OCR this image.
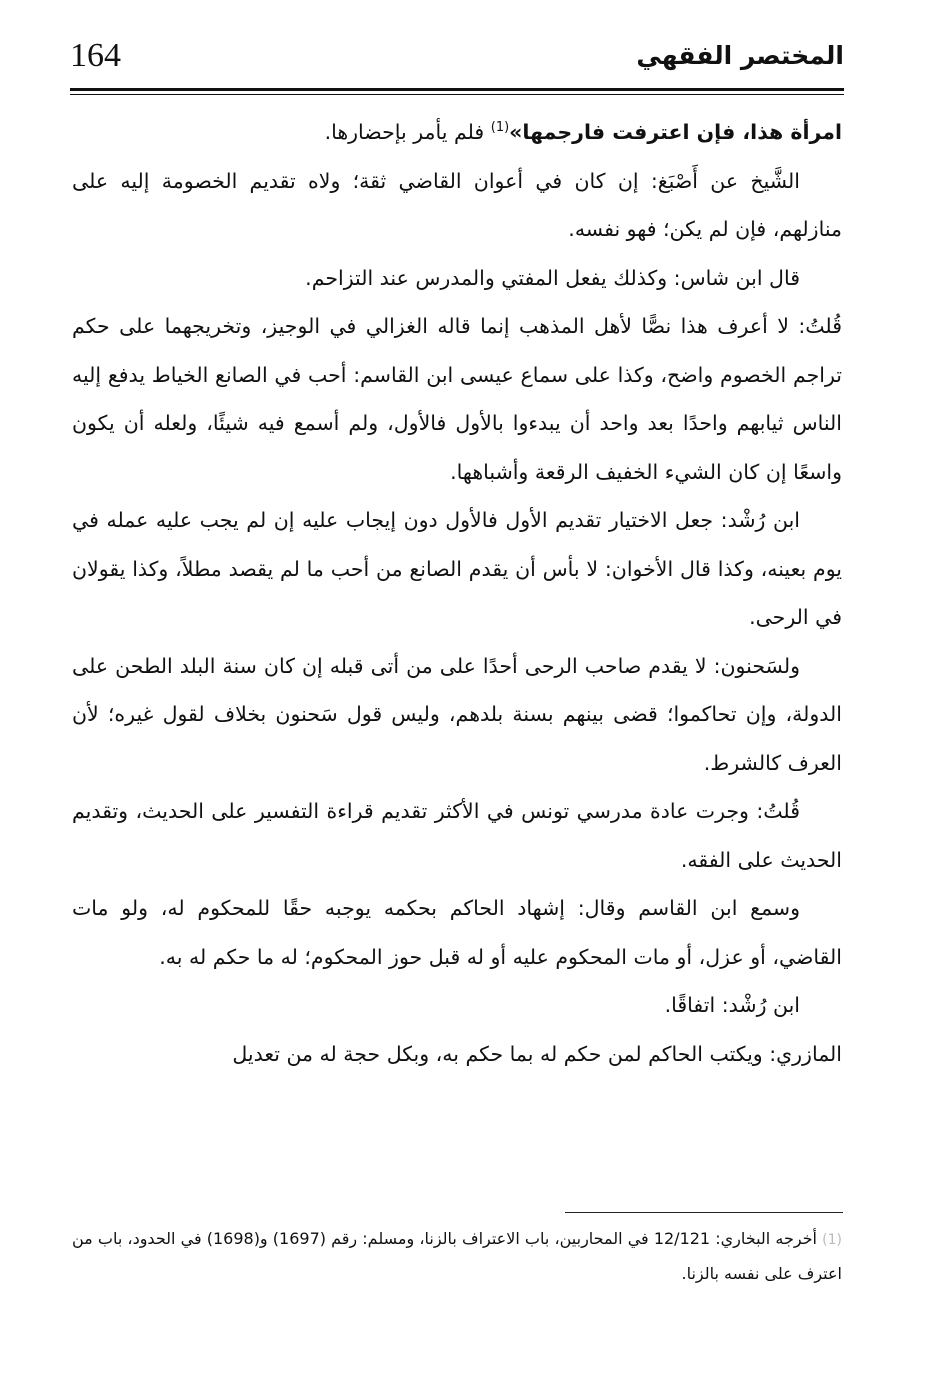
164	المختصر الفقهي

امرأة هذا، فإن اعترفت فارجمها»$^{(1)}$ فلم يأمر بإحضارها.

الشَّيخ عن أَصْبَغ: إن كان في أعوان القاضي ثقة؛ ولاه تقديم الخصومة إليه على منازلهم، فإن لم يكن؛ فهو نفسه.

قال ابن شاس: وكذلك يفعل المفتي والمدرس عند التزاحم.

قُلتُ: لا أعرف هذا نصًّا لأهل المذهب إنما قاله الغزالي في الوجيز، وتخريجهما على حكم تراجم الخصوم واضح، وكذا على سماع عيسى ابن القاسم: أحب في الصانع الخياط يدفع إليه الناس ثيابهم واحدًا بعد واحد أن يبدءوا بالأول فالأول، ولم أسمع فيه شيئًا، ولعله أن يكون واسعًا إن كان الشيء الخفيف الرقعة وأشباهها.

ابن رُشْد: جعل الاختيار تقديم الأول فالأول دون إيجاب عليه إن لم يجب عليه عمله في يوم بعينه، وكذا قال الأخوان: لا بأس أن يقدم الصانع من أحب ما لم يقصد مطلاً، وكذا يقولان في الرحى.

ولسَحنون: لا يقدم صاحب الرحى أحدًا على من أتى قبله إن كان سنة البلد الطحن على الدولة، وإن تحاكموا؛ قضى بينهم بسنة بلدهم، وليس قول سَحنون بخلاف لقول غيره؛ لأن العرف كالشرط.

قُلتُ: وجرت عادة مدرسي تونس في الأكثر تقديم قراءة التفسير على الحديث، وتقديم الحديث على الفقه.

وسمع ابن القاسم وقال: إشهاد الحاكم بحكمه يوجبه حقًا للمحكوم له، ولو مات القاضي، أو عزل، أو مات المحكوم عليه أو له قبل حوز المحكوم؛ له ما حكم له به.

ابن رُشْد: اتفاقًا.

المازري: ويكتب الحاكم لمن حكم له بما حكم به، وبكل حجة له من تعديل

(1) أخرجه البخاري: 12/121 في المحاربين، باب الاعتراف بالزنا، ومسلم: رقم (1697) و(1698) في الحدود، باب من اعترف على نفسه بالزنا.
